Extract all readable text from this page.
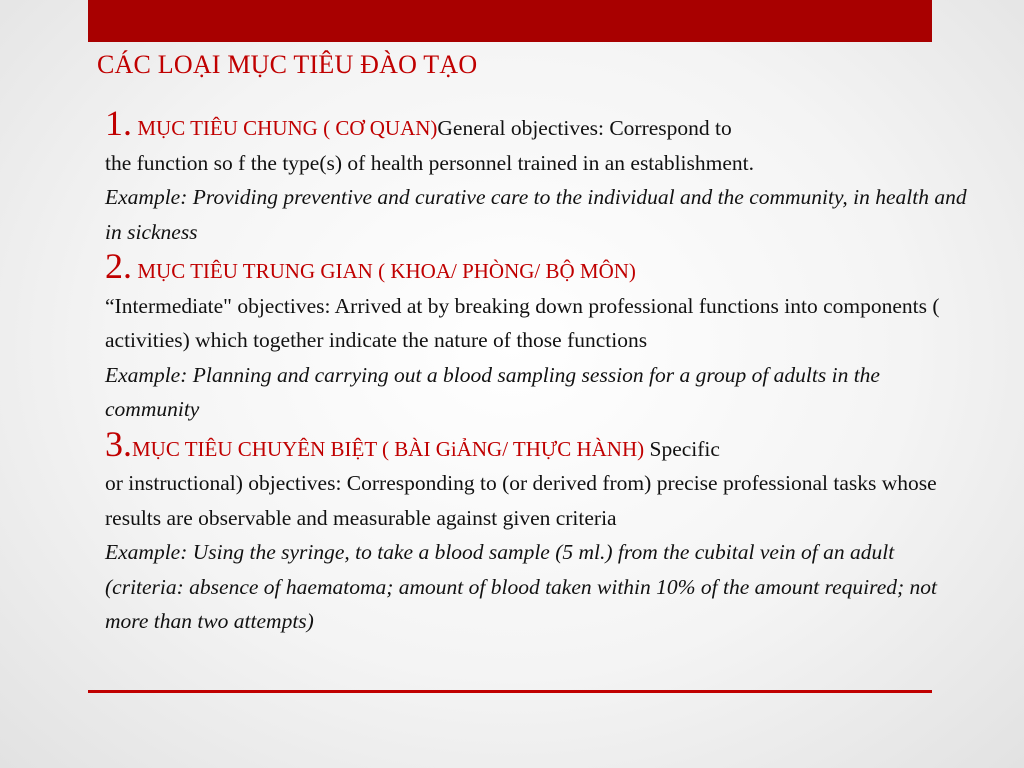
CÁC LOẠI MỤC TIÊU ĐÀO TẠO
1. MỤC TIÊU CHUNG ( CƠ QUAN)General objectives: Correspond to
the function so f the type(s) of health personnel trained in an establishment.
Example: Providing preventive and curative care to the individual and the community, in health and in sickness
2. MỤC TIÊU TRUNG GIAN ( KHOA/ PHÒNG/ BỘ MÔN)
“Intermediate" objectives: Arrived at by breaking down professional functions into components ( activities) which together indicate the nature of those functions
Example: Planning and carrying out a blood sampling session for a group of adults in the community
3.MỤC TIÊU CHUYÊN BIỆT ( BÀI GiẢNG/ THỰC HÀNH) Specific
or instructional) objectives: Corresponding to (or derived from) precise professional tasks whose results are observable and measurable against given criteria
Example: Using the syringe, to take a blood sample (5 ml.) from the cubital vein of an adult (criteria: absence of haematoma; amount of blood taken within 10% of the amount required; not more than two attempts)
